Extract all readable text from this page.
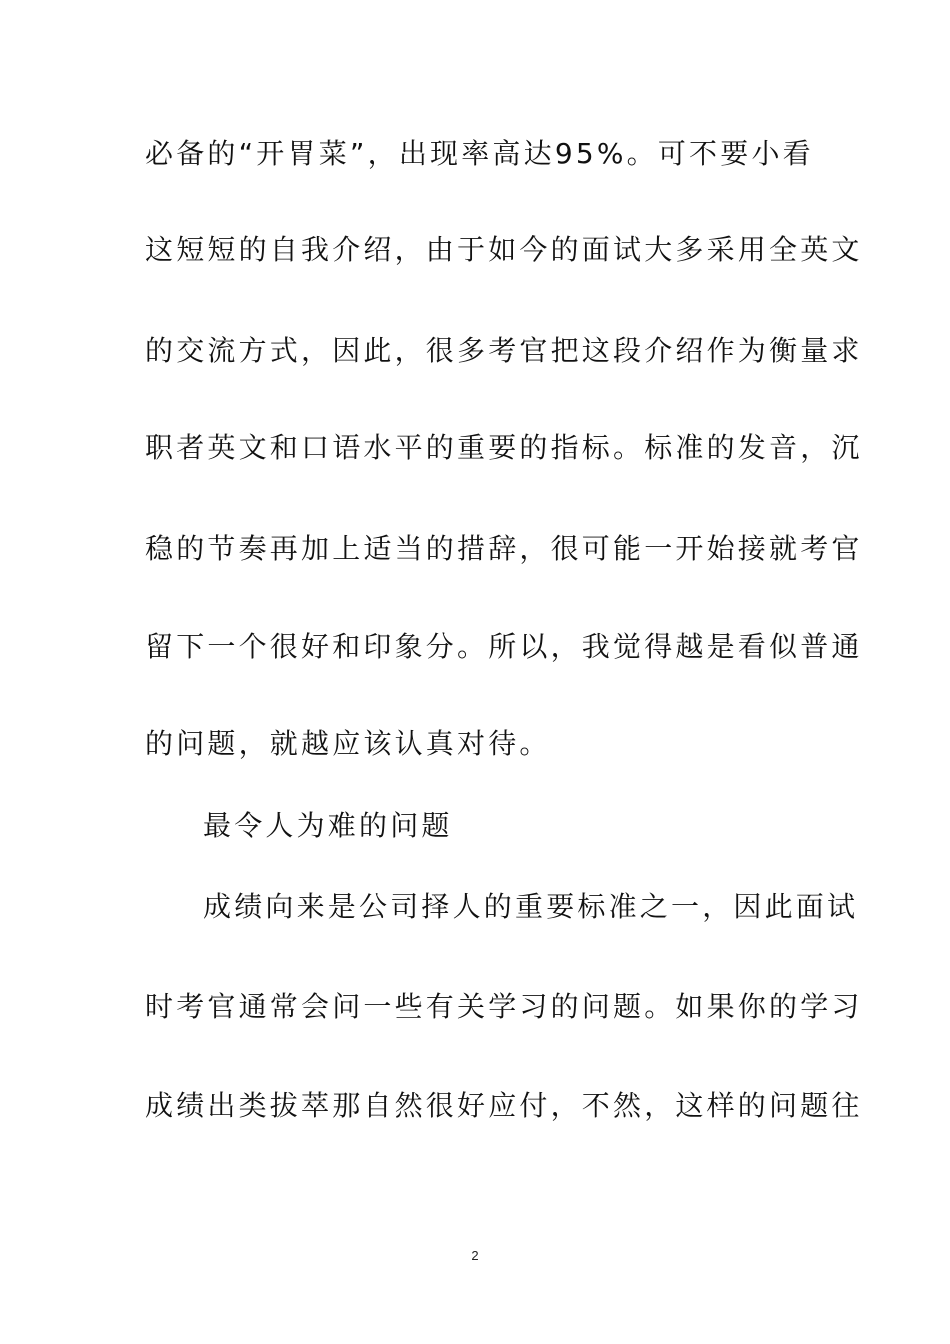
必备的“开胃菜”，出现率高达95%。可不要小看
这短短的自我介绍，由于如今的面试大多采用全英文
的交流方式，因此，很多考官把这段介绍作为衡量求
职者英文和口语水平的重要的指标。标准的发音，沉
稳的节奏再加上适当的措辞，很可能一开始接就考官
留下一个很好和印象分。所以，我觉得越是看似普通
的问题，就越应该认真对待。
最令人为难的问题
成绩向来是公司择人的重要标准之一，因此面试
时考官通常会问一些有关学习的问题。如果你的学习
成绩出类拔萃那自然很好应付，不然，这样的问题往
2
